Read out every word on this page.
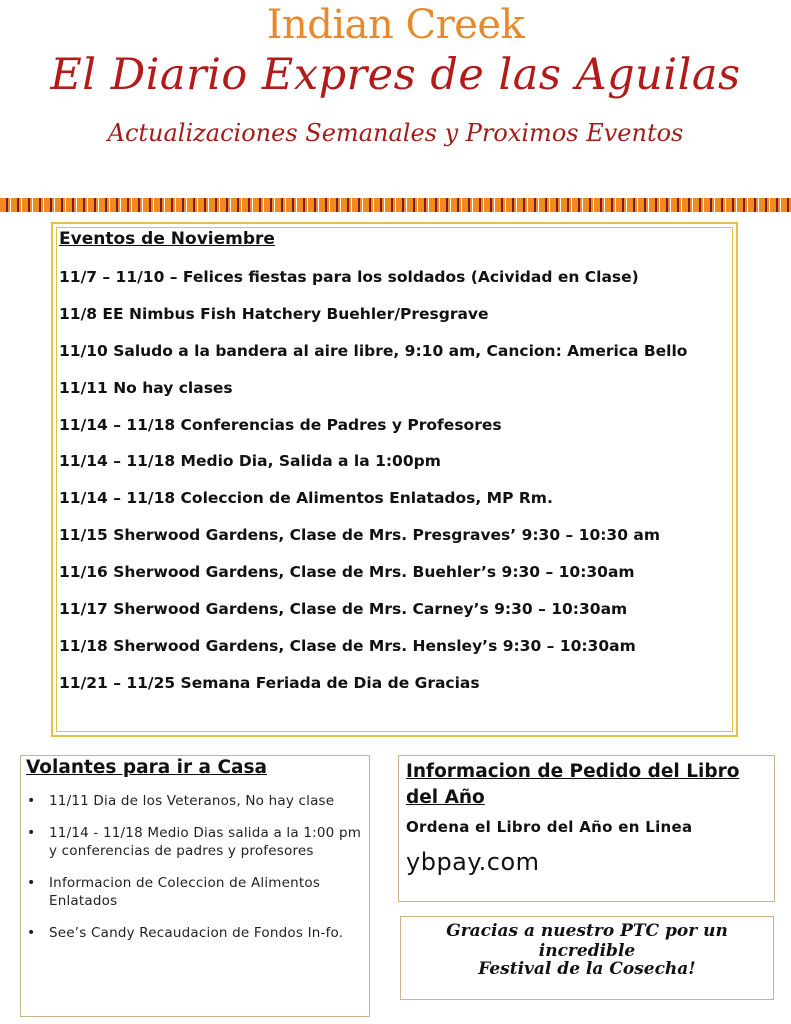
Indian Creek
El Diario Expres de las Aguilas
Actualizaciones Semanales y Proximos Eventos
Eventos de Noviembre
11/7 – 11/10 – Felices fiestas para los soldados (Acividad en Clase)
11/8 EE Nimbus Fish Hatchery Buehler/Presgrave
11/10 Saludo a la bandera al aire libre, 9:10 am, Cancion: America Bello
11/11 No hay clases
11/14 – 11/18 Conferencias de Padres y Profesores
11/14 – 11/18 Medio Dia, Salida a la 1:00pm
11/14 – 11/18 Coleccion de Alimentos Enlatados, MP Rm.
11/15 Sherwood Gardens, Clase de Mrs. Presgraves’ 9:30 – 10:30 am
11/16 Sherwood Gardens, Clase de Mrs. Buehler’s 9:30 – 10:30am
11/17 Sherwood Gardens, Clase de Mrs. Carney’s 9:30 – 10:30am
11/18 Sherwood Gardens, Clase de Mrs. Hensley’s 9:30 – 10:30am
11/21 – 11/25 Semana Feriada de Dia de Gracias
Volantes para ir a Casa
• 11/11 Dia de los Veteranos, No hay clase
• 11/14 - 11/18 Medio Dias salida a la 1:00 pm y conferencias de padres y profesores
• Informacion de Coleccion de Alimentos Enlatados
• See’s Candy Recaudacion de Fondos In-fo.
Informacion de Pedido del Libro del Año
Ordena el Libro del Año en Linea
ybpay.com
Gracias a nuestro PTC por un incredible
Festival de la Cosecha!
